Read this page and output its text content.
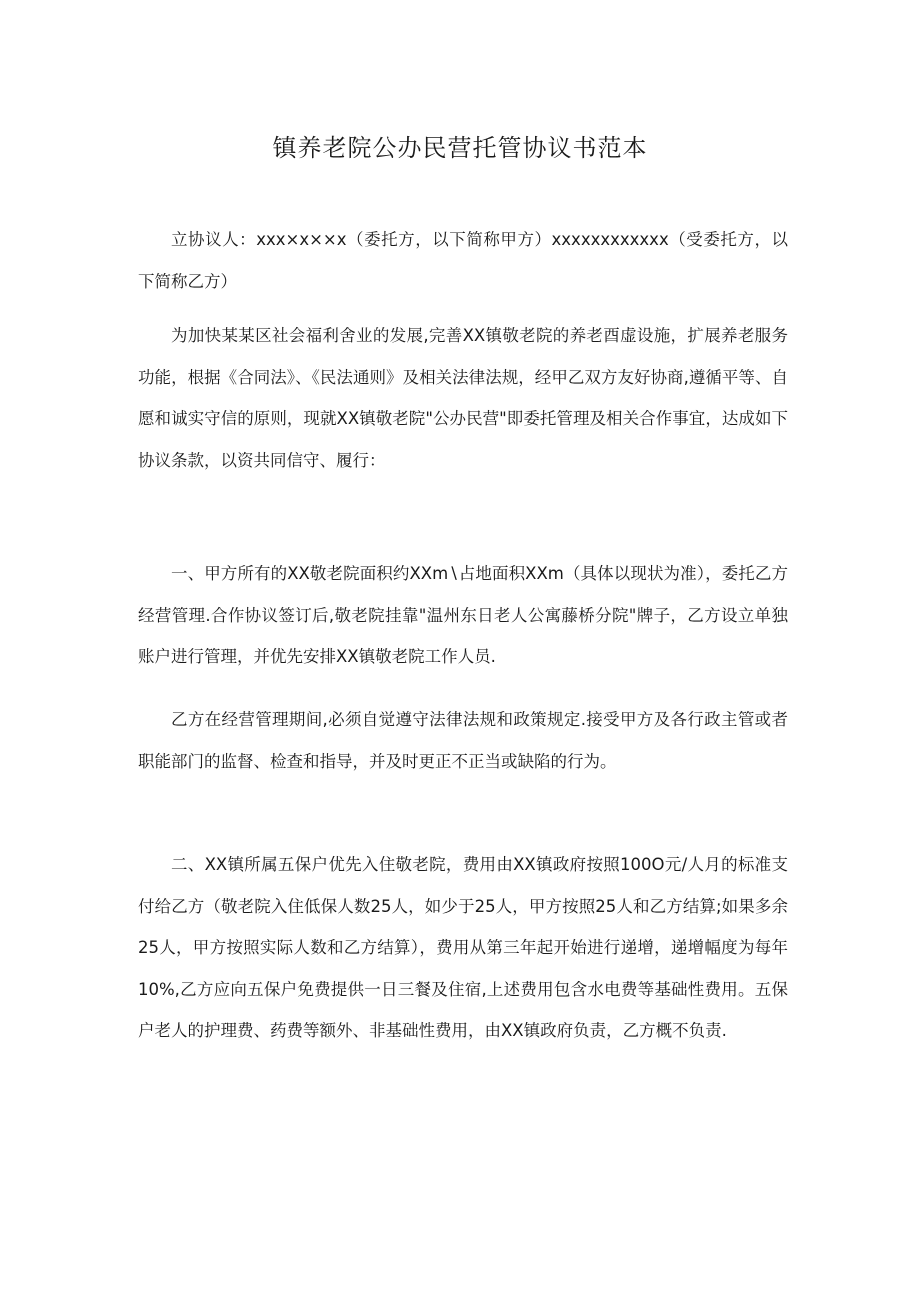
镇养老院公办民营托管协议书范本

立协议人：xxx×x××x（委托方，以下简称甲方）xxxxxxxxxxxx（受委托方，以下简称乙方）

为加快某某区社会福利舍业的发展,完善XX镇敬老院的养老酉虚设施，扩展养老服务功能，根据《合同法》、《民法通则》及相关法律法规，经甲乙双方友好协商,遵循平等、自愿和诚实守信的原则，现就XX镇敬老院"公办民营"即委托管理及相关合作事宜，达成如下协议条款，以资共同信守、履行：

一、甲方所有的XX敬老院面积约XXm∖占地面积XXm（具体以现状为准），委托乙方经营管理.合作协议签订后,敬老院挂靠"温州东日老人公寓藤桥分院"牌子，乙方设立单独账户进行管理，并优先安排XX镇敬老院工作人员.

乙方在经营管理期间,必须自觉遵守法律法规和政策规定.接受甲方及各行政主管或者职能部门的监督、检查和指导，并及时更正不正当或缺陷的行为。

二、XX镇所属五保户优先入住敬老院，费用由XX镇政府按照100O元/人月的标准支付给乙方（敬老院入住低保人数25人，如少于25人，甲方按照25人和乙方结算;如果多余25人，甲方按照实际人数和乙方结算），费用从第三年起开始进行递增，递增幅度为每年10%,乙方应向五保户免费提供一日三餐及住宿,上述费用包含水电费等基础性费用。五保户老人的护理费、药费等额外、非基础性费用，由XX镇政府负责，乙方概不负责.
